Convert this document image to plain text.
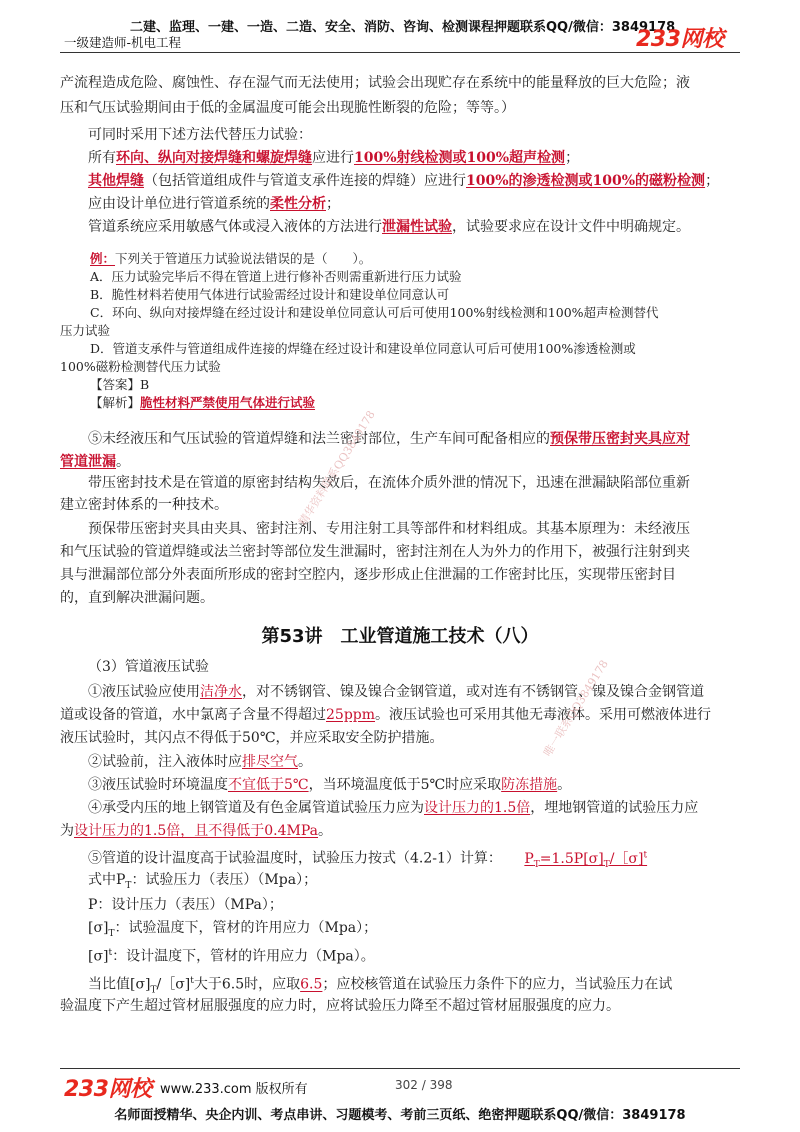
二建、监理、一建、一造、二造、安全、消防、咨询、检测课程押题联系QQ/微信：3849178
一级建造师-机电工程	233网校
产流程造成危险、腐蚀性、存在湿气而无法使用；试验会出现贮存在系统中的能量释放的巨大危险；液
压和气压试验期间由于低的金属温度可能会出现脆性断裂的危险；等等。）
可同时采用下述方法代替压力试验：
所有环向、纵向对接焊缝和螺旋焊缝应进行100%射线检测或100%超声检测；
其他焊缝（包括管道组成件与管道支承件连接的焊缝）应进行100%的渗透检测或100%的磁粉检测；
应由设计单位进行管道系统的柔性分析；
管道系统应采用敏感气体或浸入液体的方法进行泄漏性试验，试验要求应在设计文件中明确规定。
例：下列关于管道压力试验说法错误的是（　　）。
A．压力试验完毕后不得在管道上进行修补否则需重新进行压力试验
B．脆性材料若使用气体进行试验需经过设计和建设单位同意认可
C．环向、纵向对接焊缝在经过设计和建设单位同意认可后可使用100%射线检测和100%超声检测替代
压力试验
D．管道支承件与管道组成件连接的焊缝在经过设计和建设单位同意认可后可使用100%渗透检测或
100%磁粉检测替代压力试验
【答案】B
【解析】脆性材料严禁使用气体进行试验
⑤未经液压和气压试验的管道焊缝和法兰密封部位，生产车间可配备相应的预保带压密封夹具应对
管道泄漏。
带压密封技术是在管道的原密封结构失效后，在流体介质外泄的情况下，迅速在泄漏缺陷部位重新
建立密封体系的一种技术。
预保带压密封夹具由夹具、密封注剂、专用注射工具等部件和材料组成。其基本原理为：未经液压
和气压试验的管道焊缝或法兰密封等部位发生泄漏时，密封注剂在人为外力的作用下，被强行注射到夹
具与泄漏部位部分外表面所形成的密封空腔内，逐步形成止住泄漏的工作密封比压，实现带压密封目
的，直到解决泄漏问题。
第53讲　工业管道施工技术（八）
（3）管道液压试验
①液压试验应使用洁净水，对不锈钢管、镍及镍合金钢管道，或对连有不锈钢管、镍及镍合金钢管道
道或设备的管道，水中氯离子含量不得超过25ppm。液压试验也可采用其他无毒液体。采用可燃液体进行
液压试验时，其闪点不得低于50℃，并应采取安全防护措施。
②试验前，注入液体时应排尽空气。
③液压试验时环境温度不宜低于5℃，当环境温度低于5℃时应采取防冻措施。
④承受内压的地上钢管道及有色金属管道试验压力应为设计压力的1.5倍，埋地钢管道的试验压力应
为设计压力的1.5倍，且不得低于0.4MPa。
⑤管道的设计温度高于试验温度时，试验压力按式（4.2-1）计算： $P_T=1.5P[\sigma]_T/[\sigma]^t$
式中$P_T$：试验压力（表压）（Mpa）；
P：设计压力（表压）（MPa）；
$[\sigma]_T$：试验温度下，管材的许用应力（Mpa）；
$[\sigma]^t$：设计温度下，管材的许用应力（Mpa）。
当比值$[\sigma]_T/[\sigma]^t$大于6.5时，应取6.5；应校核管道在试验压力条件下的应力，当试验压力在试
验温度下产生超过管材屈服强度的应力时，应将试验压力降至不超过管材屈服强度的应力。
精华资料联系QQ3849178
唯一联系QQ3849178
233网校 www.233.com 版权所有	302 / 398
名师面授精华、央企内训、考点串讲、习题模考、考前三页纸、绝密押题联系QQ/微信：3849178
